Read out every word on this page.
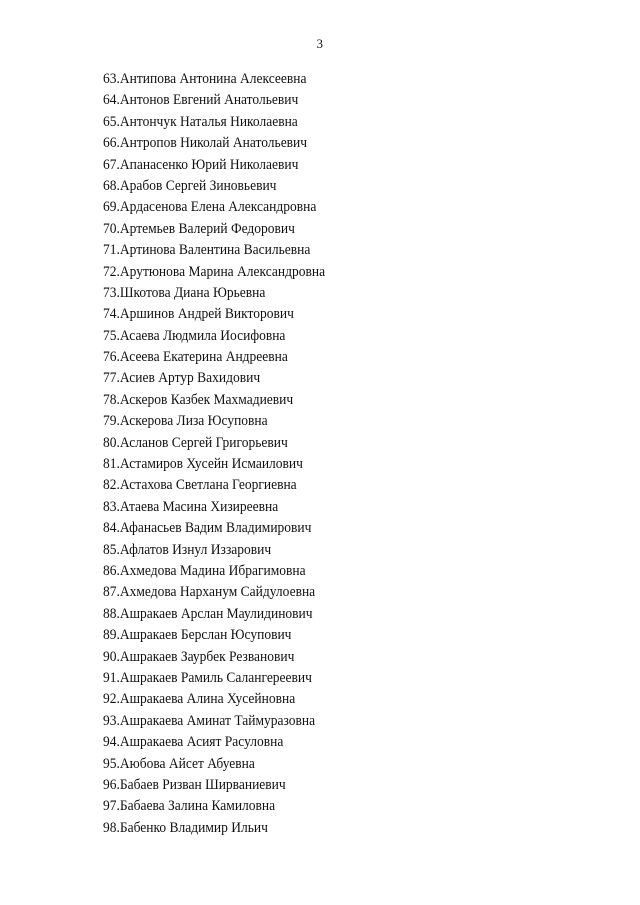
3
63.Антипова Антонина Алексеевна
64.Антонов Евгений Анатольевич
65.Антончук Наталья Николаевна
66.Антропов Николай Анатольевич
67.Апанасенко Юрий Николаевич
68.Арабов Сергей Зиновьевич
69.Ардасенова Елена Александровна
70.Артемьев Валерий Федорович
71.Артинова Валентина Васильевна
72.Арутюнова Марина Александровна
73.Шкотова Диана Юрьевна
74.Аршинов Андрей Викторович
75.Асаева Людмила Иосифовна
76.Асеева Екатерина Андреевна
77.Асиев Артур Вахидович
78.Аскеров Казбек Махмадиевич
79.Аскерова Лиза Юсуповна
80.Асланов Сергей Григорьевич
81.Астамиров Хусейн Исмаилович
82.Астахова Светлана Георгиевна
83.Атаева Масина Хизиреевна
84.Афанасьев Вадим Владимирович
85.Афлатов Изнул Иззарович
86.Ахмедова Мадина Ибрагимовна
87.Ахмедова Нарханум Сайдулоевна
88.Ашракаев Арслан Маулидинович
89.Ашракаев Берслан Юсупович
90.Ашракаев Заурбек Резванович
91.Ашракаев Рамиль Салангереевич
92.Ашракаева Алина Хусейновна
93.Ашракаева Аминат Таймуразовна
94.Ашракаева Асият Расуловна
95.Аюбова Айсет Абуевна
96.Бабаев Ризван Ширваниевич
97.Бабаева Залина Камиловна
98.Бабенко Владимир Ильич
